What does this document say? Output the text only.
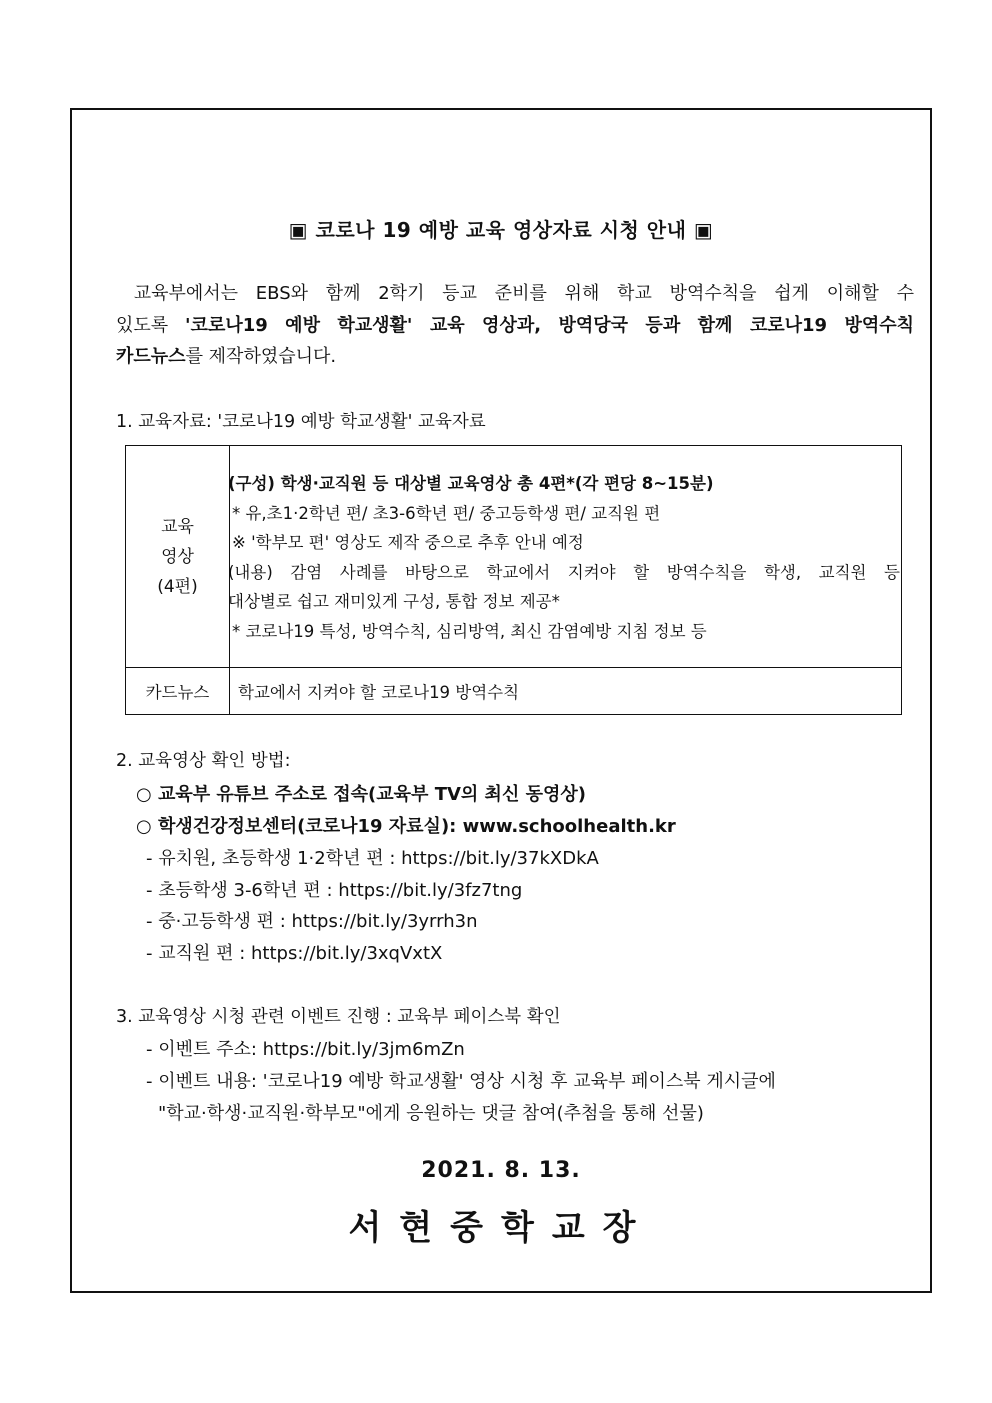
▣ 코로나 19 예방 교육 영상자료 시청 안내 ▣
교육부에서는 EBS와 함께 2학기 등교 준비를 위해 학교 방역수칙을 쉽게 이해할 수
있도록 '코로나19 예방 학교생활' 교육 영상과, 방역당국 등과 함께 코로나19 방역수칙
카드뉴스를 제작하였습니다.
1. 교육자료: '코로나19 예방 학교생활' 교육자료
교육
영상
(4편)
(구성) 학생·교직원 등 대상별 교육영상 총 4편*(각 편당 8~15분)
* 유,초1·2학년 편/ 초3-6학년 편/ 중고등학생 편/ 교직원 편
※ '학부모 편' 영상도 제작 중으로 추후 안내 예정
(내용) 감염 사례를 바탕으로 학교에서 지켜야 할 방역수칙을 학생, 교직원 등
대상별로 쉽고 재미있게 구성, 통합 정보 제공*
* 코로나19 특성, 방역수칙, 심리방역, 최신 감염예방 지침 정보 등
카드뉴스	학교에서 지켜야 할 코로나19 방역수칙
2. 교육영상 확인 방법:
○ 교육부 유튜브 주소로 접속(교육부 TV의 최신 동영상)
○ 학생건강정보센터(코로나19 자료실): www.schoolhealth.kr
- 유치원, 초등학생 1·2학년 편 : https://bit.ly/37kXDkA
- 초등학생 3-6학년 편 : https://bit.ly/3fz7tng
- 중·고등학생 편 : https://bit.ly/3yrrh3n
- 교직원 편 : https://bit.ly/3xqVxtX
3. 교육영상 시청 관련 이벤트 진행 : 교육부 페이스북 확인
- 이벤트 주소: https://bit.ly/3jm6mZn
- 이벤트 내용: '코로나19 예방 학교생활' 영상 시청 후 교육부 페이스북 게시글에
"학교·학생·교직원·학부모"에게 응원하는 댓글 참여(추첨을 통해 선물)
2021. 8. 13.
서현중학교장
